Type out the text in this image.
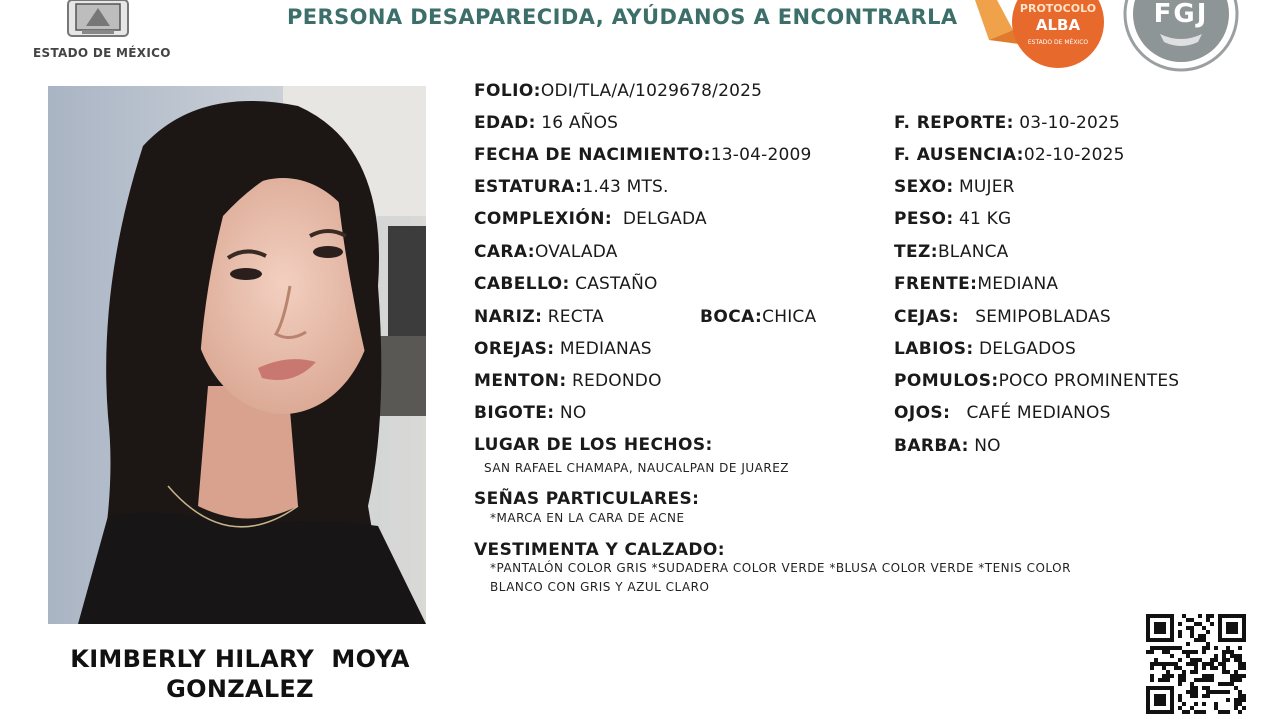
ESTADO DE MÉXICO
PERSONA DESAPARECIDA, AYÚDANOS A ENCONTRARLA	PROTOCOLO
ALBA
ESTADO DE MÉXICO
FGJ
KIMBERLY HILARY  MOYA
GONZALEZ
FOLIO:ODI/TLA/A/1029678/2025
EDAD: 16 AÑOS
FECHA DE NACIMIENTO:13-04-2009
ESTATURA:1.43 MTS.
COMPLEXIÓN: DELGADA
CARA:OVALADA
CABELLO: CASTAÑO
NARIZ: RECTA	BOCA:CHICA
OREJAS: MEDIANAS
MENTON: REDONDO
BIGOTE: NO
F. REPORTE: 03-10-2025
F. AUSENCIA:02-10-2025
SEXO: MUJER
PESO: 41 KG
TEZ:BLANCA
FRENTE:MEDIANA
CEJAS: SEMIPOBLADAS
LABIOS: DELGADOS
POMULOS:POCO PROMINENTES
OJOS: CAFÉ MEDIANOS
BARBA: NO
LUGAR DE LOS HECHOS:
SAN RAFAEL CHAMAPA, NAUCALPAN DE JUAREZ
SEÑAS PARTICULARES:
*MARCA EN LA CARA DE ACNE
VESTIMENTA Y CALZADO:
*PANTALÓN COLOR GRIS *SUDADERA COLOR VERDE *BLUSA COLOR VERDE *TENIS COLOR
BLANCO CON GRIS Y AZUL CLARO
